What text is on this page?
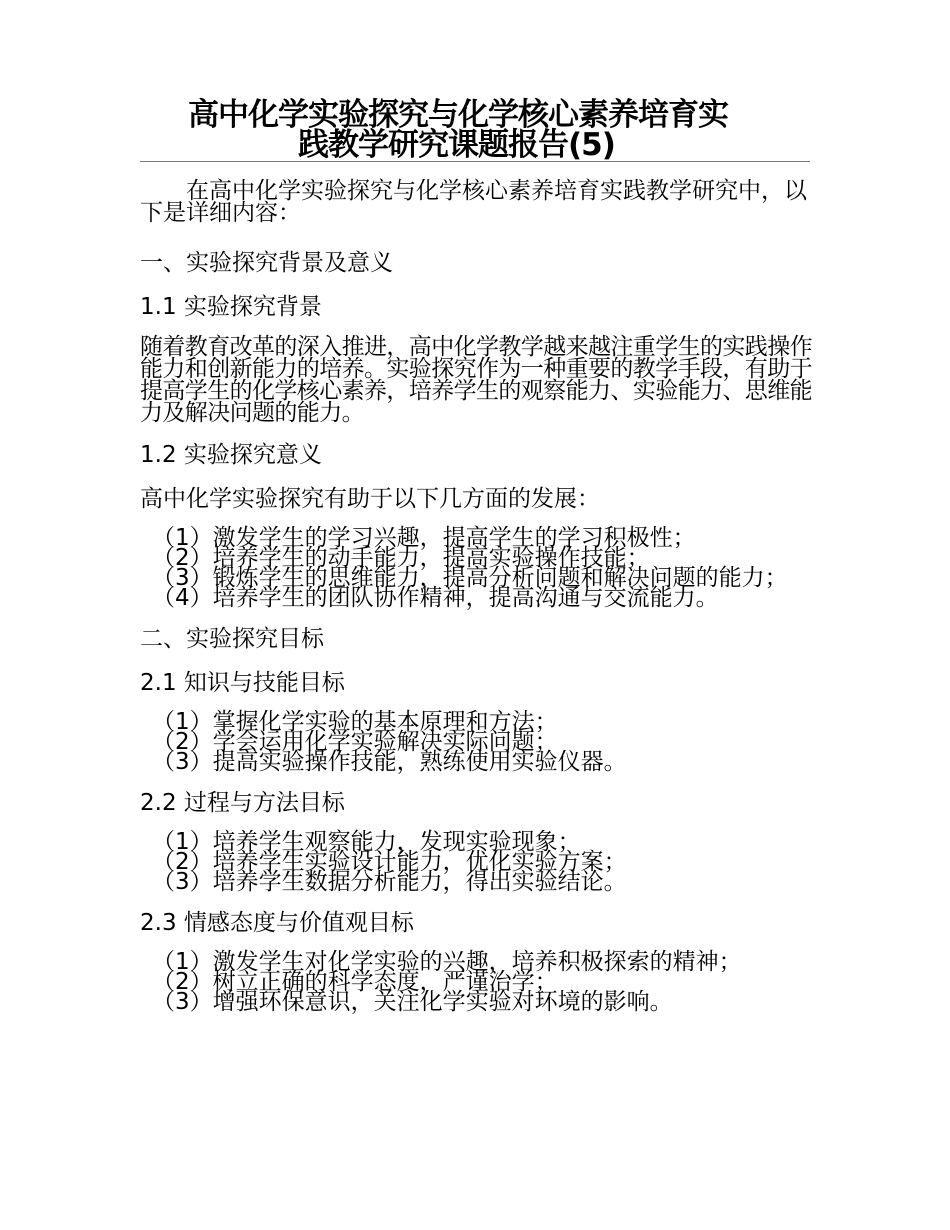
高中化学实验探究与化学核心素养培育实
践教学研究课题报告(5)

在高中化学实验探究与化学核心素养培育实践教学研究中，以下是详细内容：

一、实验探究背景及意义

1.1 实验探究背景

随着教育改革的深入推进，高中化学教学越来越注重学生的实践操作能力和创新能力的培养。实验探究作为一种重要的教学手段，有助于提高学生的化学核心素养，培养学生的观察能力、实验能力、思维能力及解决问题的能力。

1.2 实验探究意义

高中化学实验探究有助于以下几方面的发展：

（1）激发学生的学习兴趣，提高学生的学习积极性；
（2）培养学生的动手能力，提高实验操作技能；
（3）锻炼学生的思维能力，提高分析问题和解决问题的能力；
（4）培养学生的团队协作精神，提高沟通与交流能力。

二、实验探究目标

2.1 知识与技能目标

（1）掌握化学实验的基本原理和方法；
（2）学会运用化学实验解决实际问题；
（3）提高实验操作技能，熟练使用实验仪器。

2.2 过程与方法目标

（1）培养学生观察能力，发现实验现象；
（2）培养学生实验设计能力，优化实验方案；
（3）培养学生数据分析能力，得出实验结论。

2.3 情感态度与价值观目标

（1）激发学生对化学实验的兴趣，培养积极探索的精神；
（2）树立正确的科学态度，严谨治学；
（3）增强环保意识，关注化学实验对环境的影响。
